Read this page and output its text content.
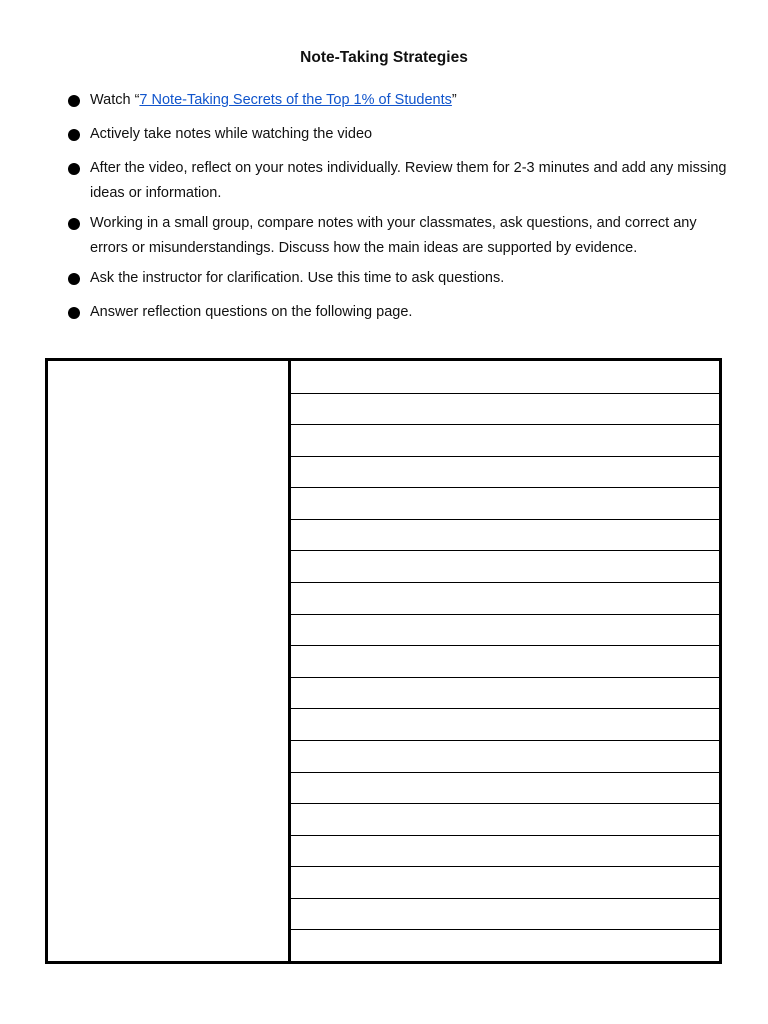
Note-Taking Strategies
Watch “7 Note-Taking Secrets of the Top 1% of Students”
Actively take notes while watching the video
After the video, reflect on your notes individually. Review them for 2-3 minutes and add any missing ideas or information.
Working in a small group, compare notes with your classmates, ask questions, and correct any errors or misunderstandings. Discuss how the main ideas are supported by evidence.
Ask the instructor for clarification. Use this time to ask questions.
Answer reflection questions on the following page.
